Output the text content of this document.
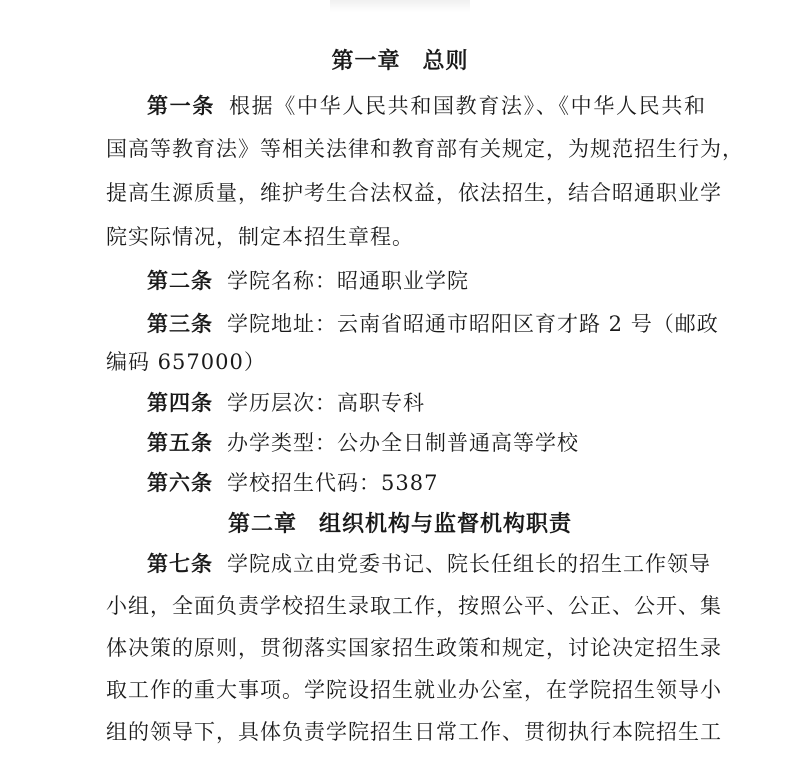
第一章 总则
第一条 根据《中华人民共和国教育法》、《中华人民共和
国高等教育法》等相关法律和教育部有关规定，为规范招生行为，
提高生源质量，维护考生合法权益，依法招生，结合昭通职业学
院实际情况，制定本招生章程。
第二条 学院名称：昭通职业学院
第三条 学院地址：云南省昭通市昭阳区育才路 2 号（邮政
编码 657000）
第四条 学历层次：高职专科
第五条 办学类型：公办全日制普通高等学校
第六条 学校招生代码：5387
第二章 组织机构与监督机构职责
第七条 学院成立由党委书记、院长任组长的招生工作领导
小组，全面负责学校招生录取工作，按照公平、公正、公开、集
体决策的原则，贯彻落实国家招生政策和规定，讨论决定招生录
取工作的重大事项。学院设招生就业办公室，在学院招生领导小
组的领导下，具体负责学院招生日常工作、贯彻执行本院招生工
